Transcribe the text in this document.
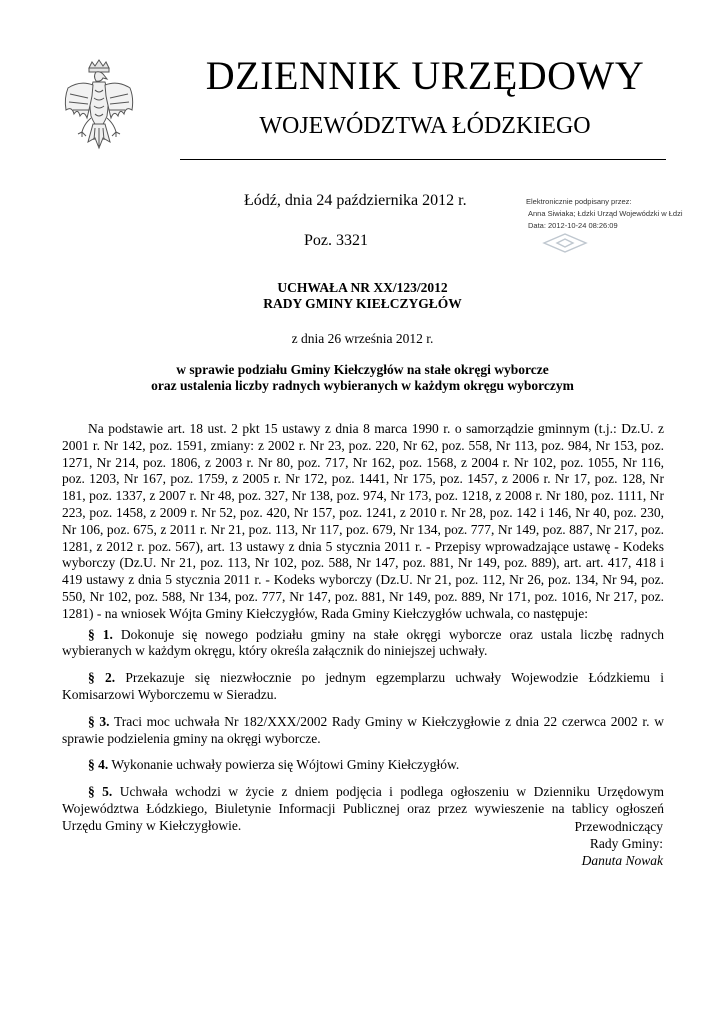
DZIENNIK URZĘDOWY
WOJEWÓDZTWA ŁÓDZKIEGO
Łódź, dnia 24 października 2012 r.
Poz. 3321
Elektronicznie podpisany przez:
Anna Siwiaka; Łdzki Urząd Wojewódzki w Łdzi
Data: 2012-10-24 08:26:09
UCHWAŁA NR XX/123/2012
RADY GMINY KIEŁCZYGŁÓW
z dnia 26 września 2012 r.
w sprawie podziału Gminy Kiełczygłów na stałe okręgi wyborcze
oraz ustalenia liczby radnych wybieranych w każdym okręgu wyborczym

Na podstawie art. 18 ust. 2 pkt 15 ustawy z dnia 8 marca 1990 r. o samorządzie gminnym (t.j.: Dz.U. z 2001 r. Nr 142, poz. 1591, zmiany: z 2002 r. Nr 23, poz. 220, Nr 62, poz. 558, Nr 113, poz. 984, Nr 153, poz. 1271, Nr 214, poz. 1806, z 2003 r. Nr 80, poz. 717, Nr 162, poz. 1568, z 2004 r. Nr 102, poz. 1055, Nr 116, poz. 1203, Nr 167, poz. 1759, z 2005 r. Nr 172, poz. 1441, Nr 175, poz. 1457, z 2006 r. Nr 17, poz. 128, Nr 181, poz. 1337, z 2007 r. Nr 48, poz. 327, Nr 138, poz. 974, Nr 173, poz. 1218, z 2008 r. Nr 180, poz. 1111, Nr 223, poz. 1458, z 2009 r. Nr 52, poz. 420, Nr 157, poz. 1241, z 2010 r. Nr 28, poz. 142 i 146, Nr 40, poz. 230, Nr 106, poz. 675, z 2011 r. Nr 21, poz. 113, Nr 117, poz. 679, Nr 134, poz. 777, Nr 149, poz. 887, Nr 217, poz. 1281, z 2012 r. poz. 567), art. 13 ustawy z dnia 5 stycznia 2011 r. - Przepisy wprowadzające ustawę - Kodeks wyborczy (Dz.U. Nr 21, poz. 113, Nr 102, poz. 588, Nr 147, poz. 881, Nr 149, poz. 889), art. art. 417, 418 i 419 ustawy z dnia 5 stycznia 2011 r. - Kodeks wyborczy (Dz.U. Nr 21, poz. 112, Nr 26, poz. 134, Nr 94, poz. 550, Nr 102, poz. 588, Nr 134, poz. 777, Nr 147, poz. 881, Nr 149, poz. 889, Nr 171, poz. 1016, Nr 217, poz. 1281) - na wniosek Wójta Gminy Kiełczygłów, Rada Gminy Kiełczygłów uchwala, co następuje:

§ 1. Dokonuje się nowego podziału gminy na stałe okręgi wyborcze oraz ustala liczbę radnych wybieranych w każdym okręgu, który określa załącznik do niniejszej uchwały.

§ 2. Przekazuje się niezwłocznie po jednym egzemplarzu uchwały Wojewodzie Łódzkiemu i Komisarzowi Wyborczemu w Sieradzu.

§ 3. Traci moc uchwała Nr 182/XXX/2002 Rady Gminy w Kiełczygłowie z dnia 22 czerwca 2002 r. w sprawie podzielenia gminy na okręgi wyborcze.

§ 4. Wykonanie uchwały powierza się Wójtowi Gminy Kiełczygłów.

§ 5. Uchwała wchodzi w życie z dniem podjęcia i podlega ogłoszeniu w Dzienniku Urzędowym Województwa Łódzkiego, Biuletynie Informacji Publicznej oraz przez wywieszenie na tablicy ogłoszeń Urzędu Gminy w Kiełczygłowie.	Przewodniczący
Rady Gminy:
Danuta Nowak
